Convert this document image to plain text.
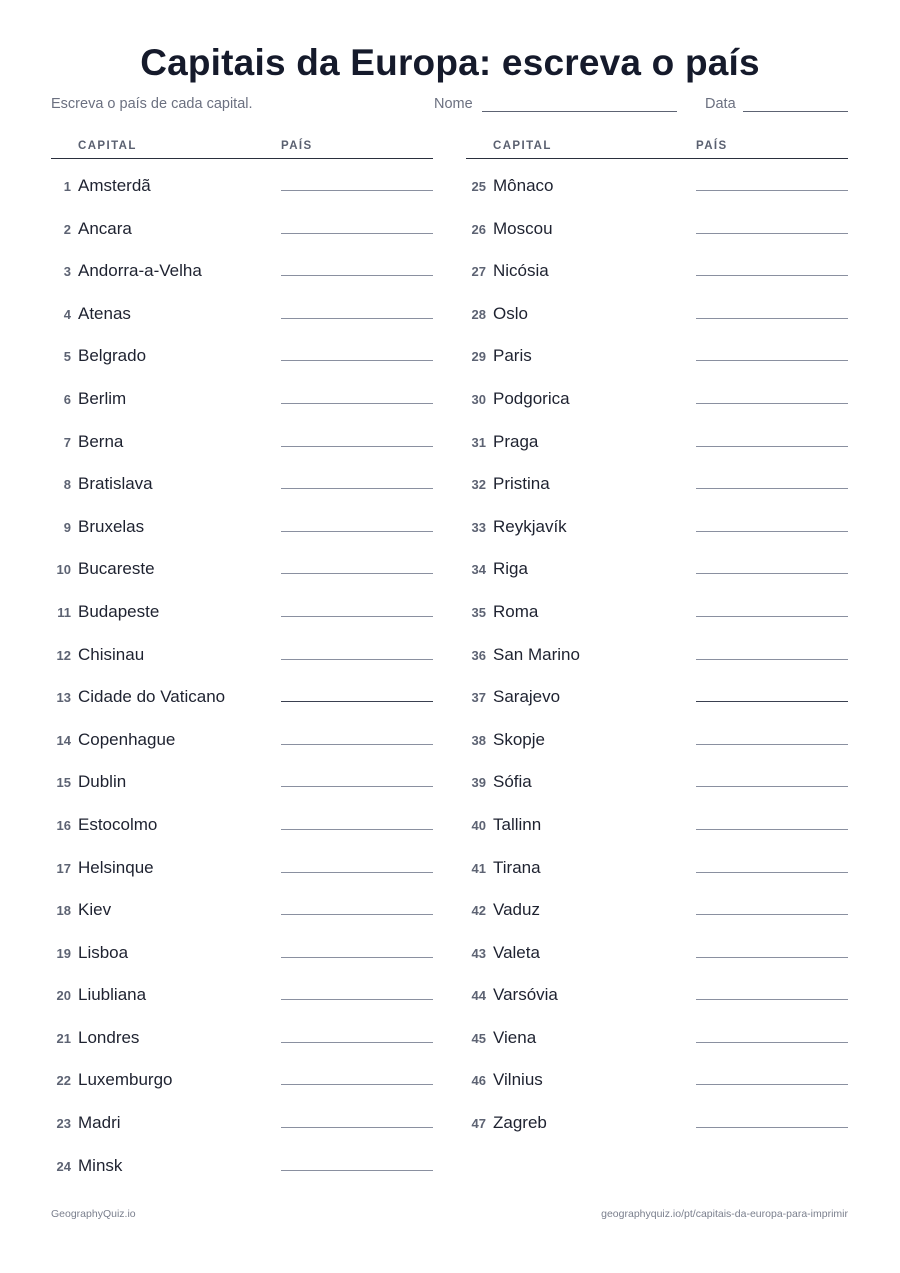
Capitais da Europa: escreva o país
Escreva o país de cada capital.	Nome	Data
CAPITAL	PAÍS
1 Amsterdã
2 Ancara
3 Andorra-a-Velha
4 Atenas
5 Belgrado
6 Berlim
7 Berna
8 Bratislava
9 Bruxelas
10 Bucareste
11 Budapeste
12 Chisinau
13 Cidade do Vaticano
14 Copenhague
15 Dublin
16 Estocolmo
17 Helsinque
18 Kiev
19 Lisboa
20 Liubliana
21 Londres
22 Luxemburgo
23 Madri
24 Minsk
CAPITAL	PAÍS
25 Mônaco
26 Moscou
27 Nicósia
28 Oslo
29 Paris
30 Podgorica
31 Praga
32 Pristina
33 Reykjavík
34 Riga
35 Roma
36 San Marino
37 Sarajevo
38 Skopje
39 Sófia
40 Tallinn
41 Tirana
42 Vaduz
43 Valeta
44 Varsóvia
45 Viena
46 Vilnius
47 Zagreb
GeographyQuiz.io	geographyquiz.io/pt/capitais-da-europa-para-imprimir
